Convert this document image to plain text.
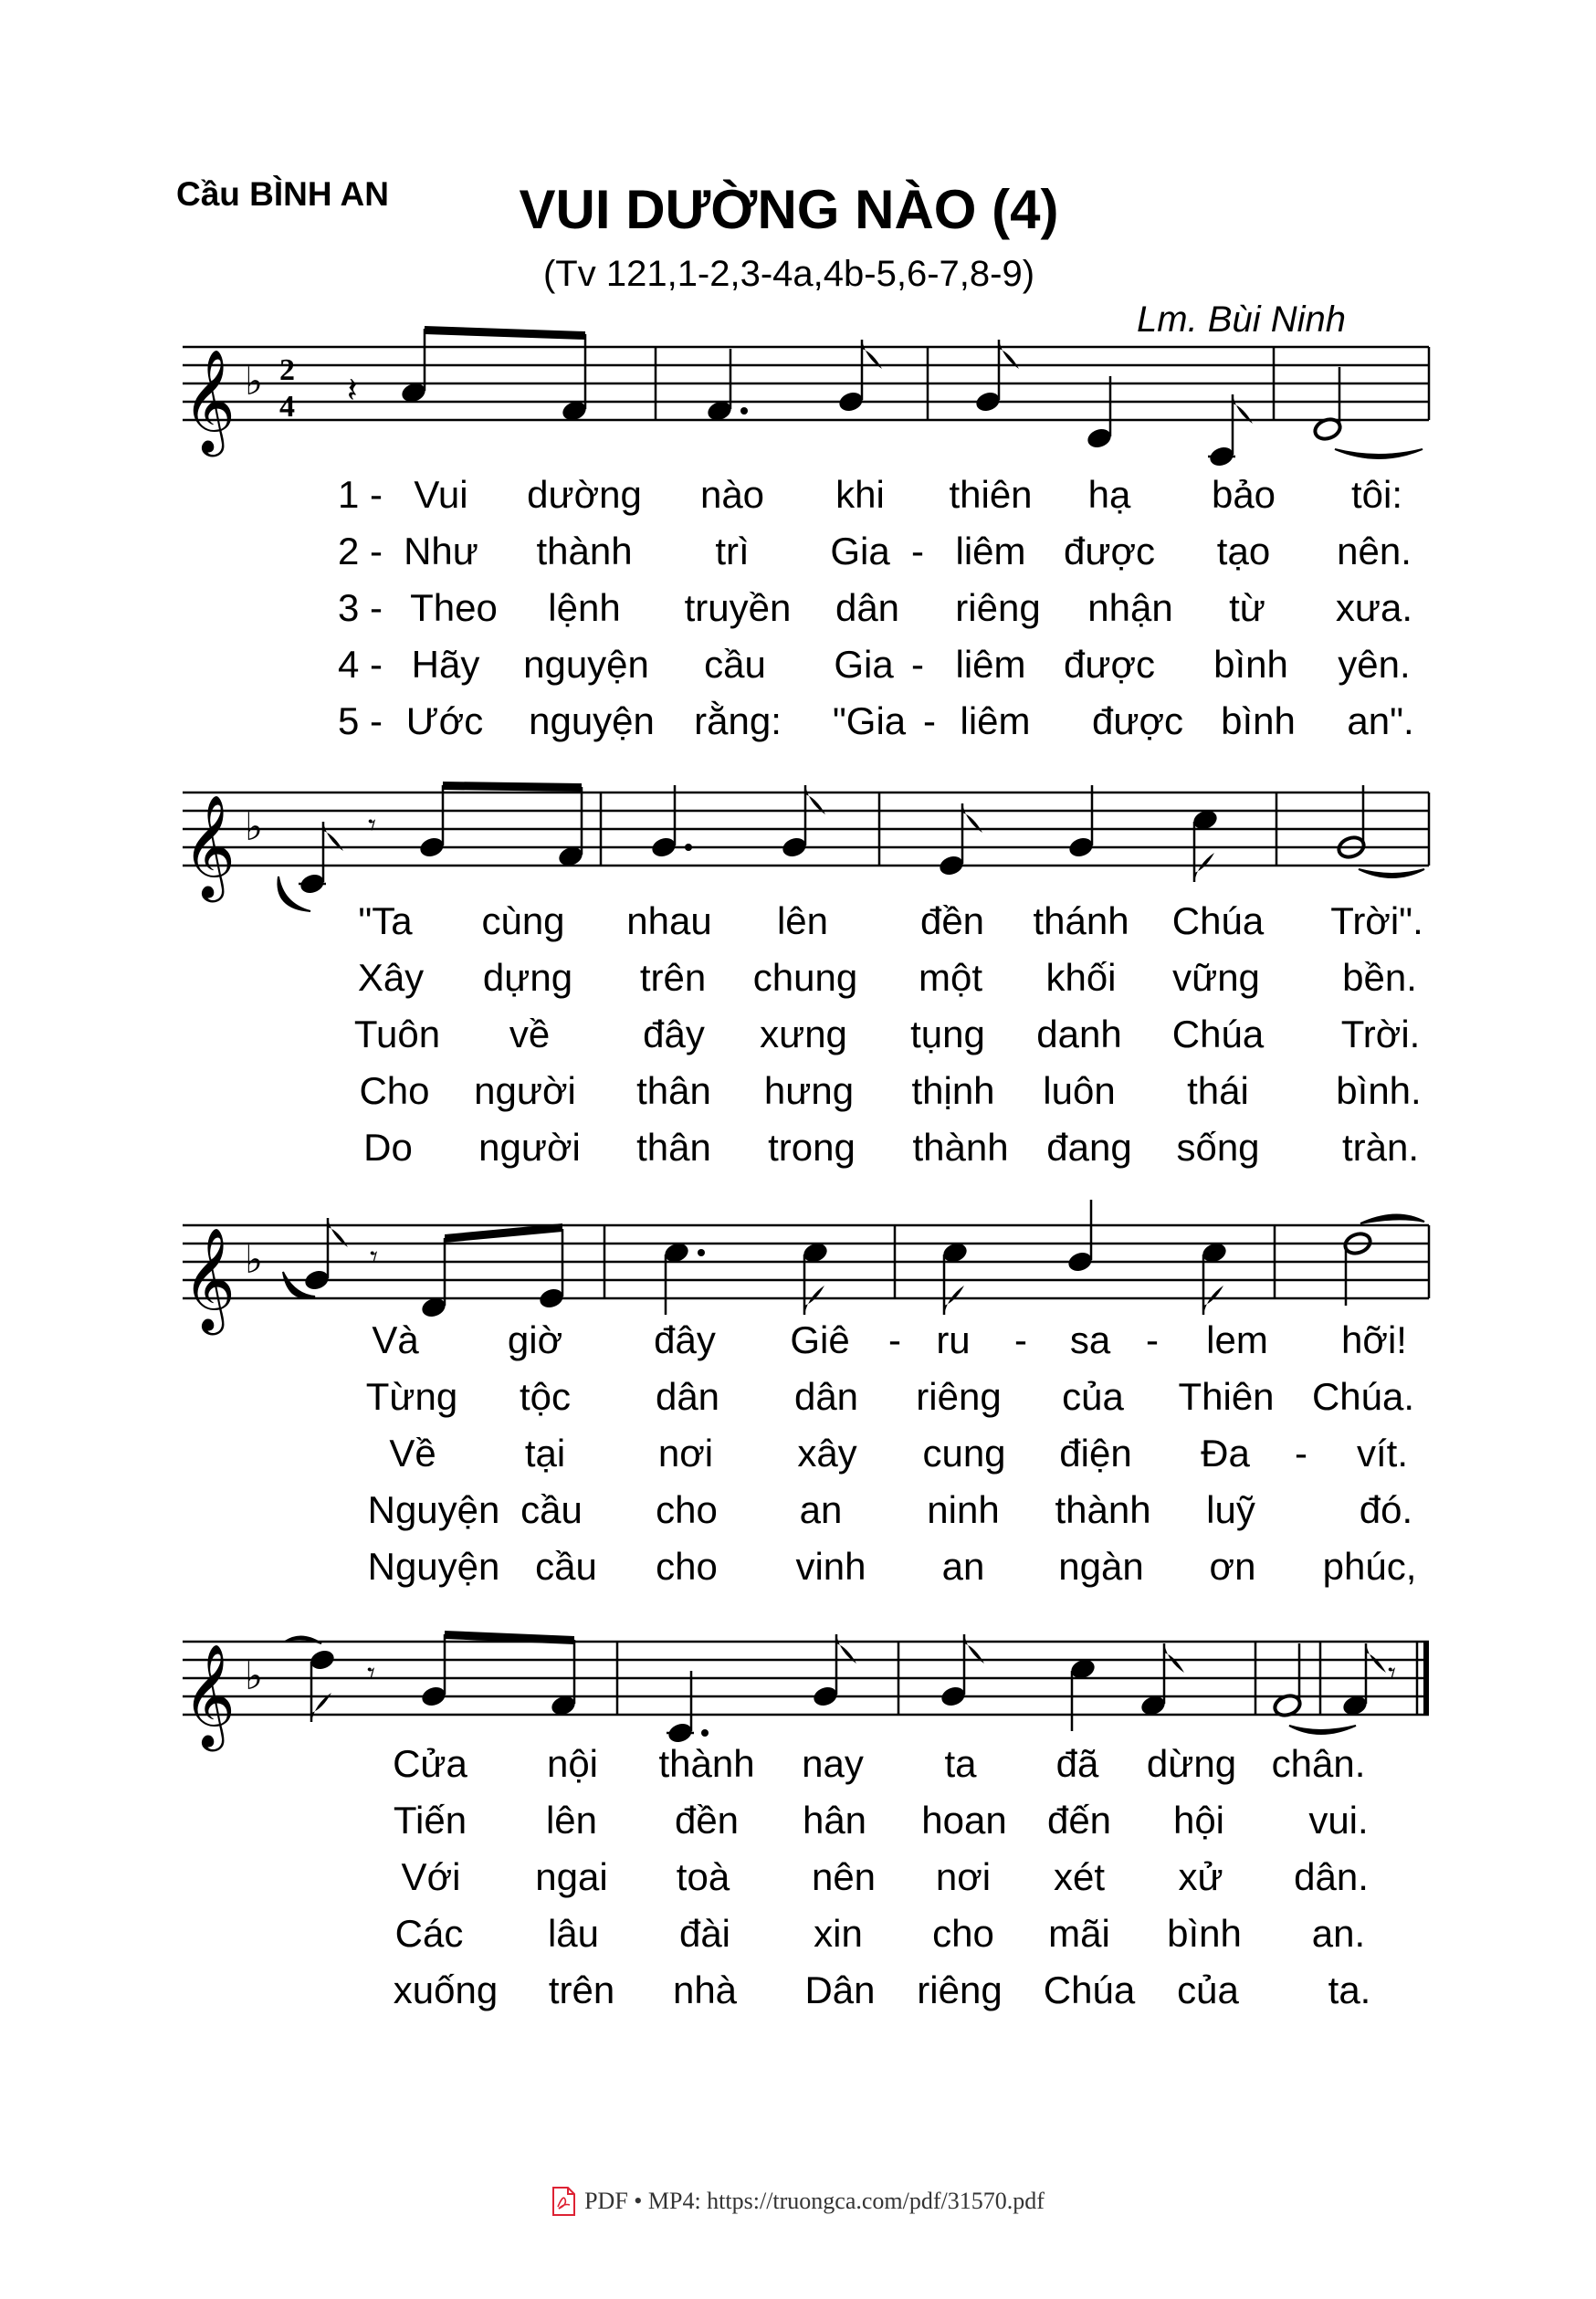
Cầu BÌNH AN	VUI DƯỜNG NÀO (4)
(Tv 121,1-2,3-4a,4b-5,6-7,8-9)
Lm. Bùi Ninh
𝄞 ♭ 2
4 𝄽
1 - Vui dường nào khi thiên hạ bảo tôi:
2 - Như thành trì Gia - liêm được tạo nên.
3 - Theo lệnh truyền dân riêng nhận từ xưa.
4 - Hãy nguyện cầu Gia - liêm được bình yên.
5 - Ước nguyện rằng: "Gia - liêm được bình an".
𝄞 ♭	𝄾
"Ta cùng nhau lên đền thánh Chúa Trời".
Xây dựng trên chung một khối vững bền.
Tuôn về đây xưng tụng danh Chúa Trời.
Cho người thân hưng thịnh luôn thái bình.
Do người thân trong thành đang sống tràn.
𝄞 ♭	𝄾
Và giờ đây Giê - ru - sa - lem hỡi!
Từng tộc dân dân riêng của Thiên Chúa.
Về tại nơi xây cung điện Đa - vít.
Nguyện cầu cho an ninh thành luỹ	đó.
Nguyện cầu cho vinh an ngàn ơn phúc,
𝄞 ♭	𝄾	𝄾
Cửa nội thành nay ta đã dừng chân.
Tiến lên đền hân hoan đến hội vui.
Với ngai toà nên nơi xét xử dân.
Các lâu đài xin cho mãi bình an.
xuống trên nhà Dân riêng Chúa của ta.
PDF • MP4: https://truongca.com/pdf/31570.pdf
